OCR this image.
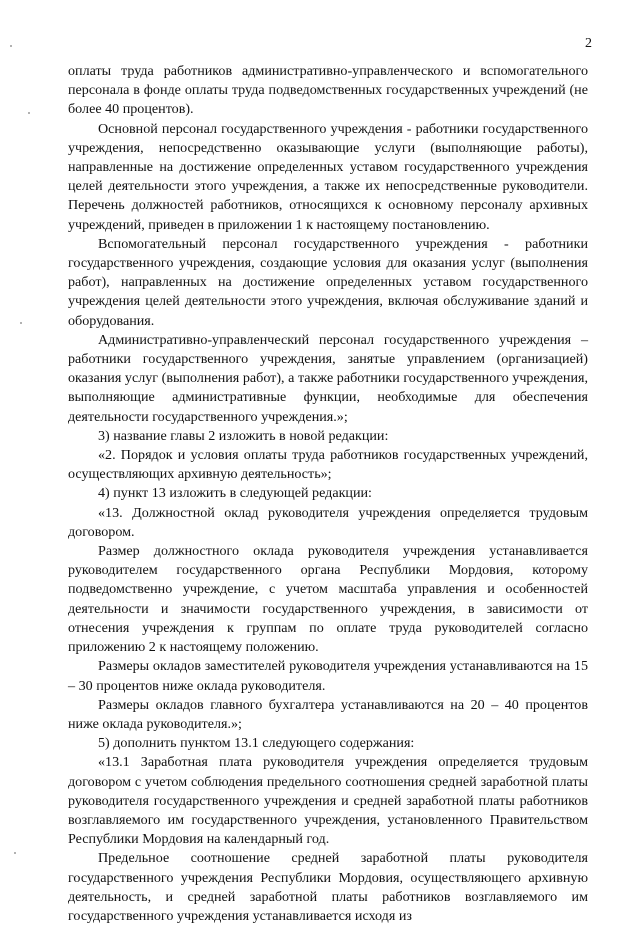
2

оплаты труда работников административно-управленческого и вспомогательного персонала в фонде оплаты труда подведомственных государственных учреждений (не более 40 процентов).

Основной персонал государственного учреждения - работники государственного учреждения, непосредственно оказывающие услуги (выполняющие работы), направленные на достижение определенных уставом государственного учреждения целей деятельности этого учреждения, а также их непосредственные руководители. Перечень должностей работников, относящихся к основному персоналу архивных учреждений, приведен в приложении 1 к настоящему постановлению.

Вспомогательный персонал государственного учреждения - работники государственного учреждения, создающие условия для оказания услуг (выполнения работ), направленных на достижение определенных уставом государственного учреждения целей деятельности этого учреждения, включая обслуживание зданий и оборудования.

Административно-управленческий персонал государственного учреждения – работники государственного учреждения, занятые управлением (организацией) оказания услуг (выполнения работ), а также работники государственного учреждения, выполняющие административные функции, необходимые для обеспечения деятельности государственного учреждения.»;

3) название главы 2 изложить в новой редакции:

«2. Порядок и условия оплаты труда работников государственных учреждений, осуществляющих архивную деятельность»;

4) пункт 13 изложить в следующей редакции:

«13. Должностной оклад руководителя учреждения определяется трудовым договором.

Размер должностного оклада руководителя учреждения устанавливается руководителем государственного органа Республики Мордовия, которому подведомственно учреждение, с учетом масштаба управления и особенностей деятельности и значимости государственного учреждения, в зависимости от отнесения учреждения к группам по оплате труда руководителей согласно приложению 2 к настоящему положению.

Размеры окладов заместителей руководителя учреждения устанавливаются на 15 – 30 процентов ниже оклада руководителя.

Размеры окладов главного бухгалтера устанавливаются на 20 – 40 процентов ниже оклада руководителя.»;

5) дополнить пунктом 13.1 следующего содержания:

«13.1 Заработная плата руководителя учреждения определяется трудовым договором с учетом соблюдения предельного соотношения средней заработной платы руководителя государственного учреждения и средней заработной платы работников возглавляемого им государственного учреждения, установленного Правительством Республики Мордовия на календарный год.

Предельное соотношение средней заработной платы руководителя государственного учреждения Республики Мордовия, осуществляющего архивную деятельность, и средней заработной платы работников возглавляемого им государственного учреждения устанавливается исходя из
